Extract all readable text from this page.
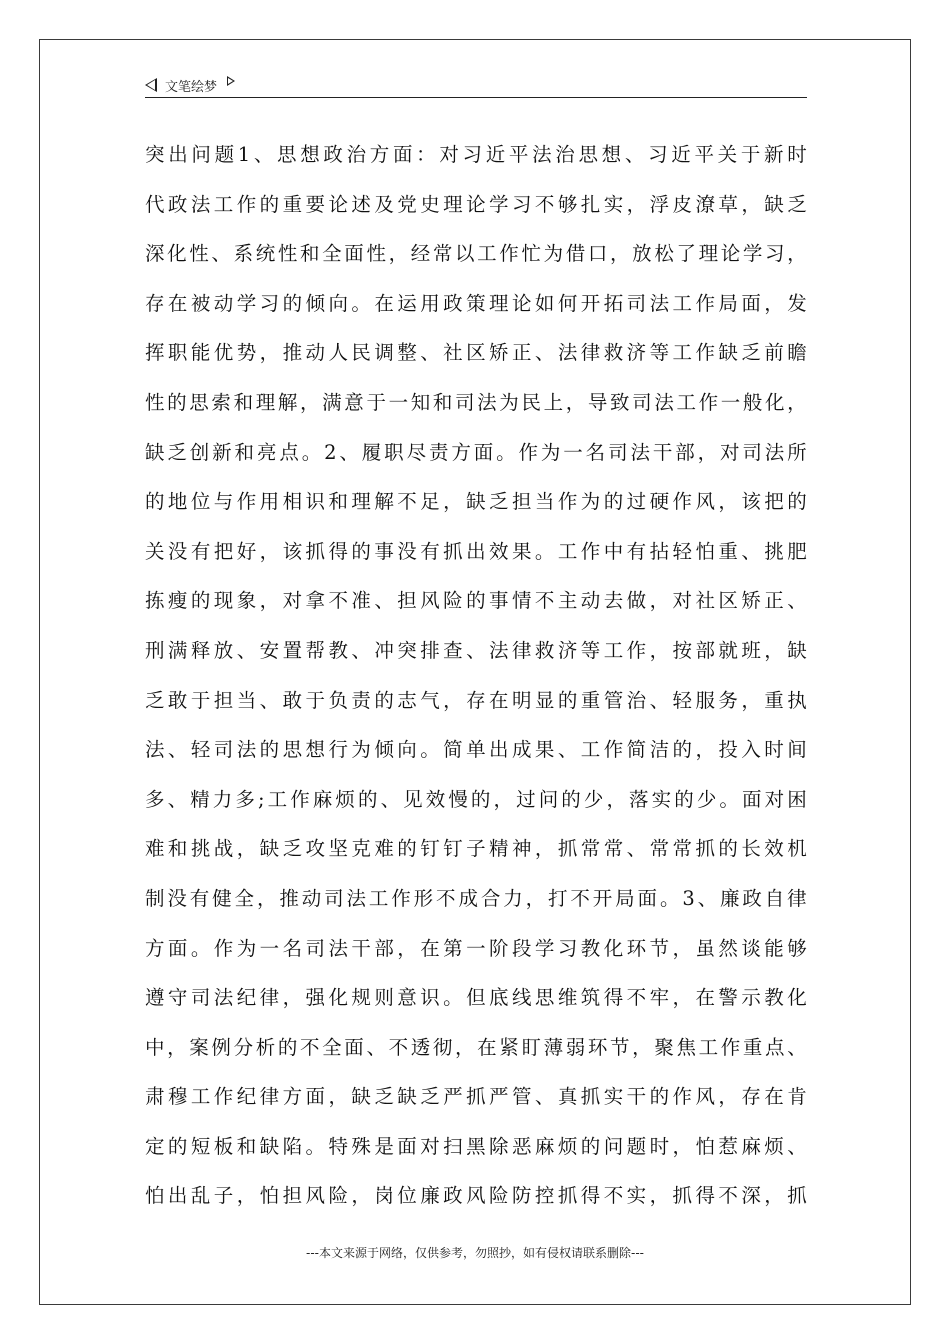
文笔绘梦
突出问题1、思想政治方面：对习近平法治思想、习近平关于新时
代政法工作的重要论述及党史理论学习不够扎实，浮皮潦草，缺乏
深化性、系统性和全面性，经常以工作忙为借口，放松了理论学习，
存在被动学习的倾向。在运用政策理论如何开拓司法工作局面，发
挥职能优势，推动人民调整、社区矫正、法律救济等工作缺乏前瞻
性的思索和理解，满意于一知和司法为民上，导致司法工作一般化，
缺乏创新和亮点。2、履职尽责方面。作为一名司法干部，对司法所
的地位与作用相识和理解不足，缺乏担当作为的过硬作风，该把的
关没有把好，该抓得的事没有抓出效果。工作中有拈轻怕重、挑肥
拣瘦的现象，对拿不准、担风险的事情不主动去做，对社区矫正、
刑满释放、安置帮教、冲突排查、法律救济等工作，按部就班，缺
乏敢于担当、敢于负责的志气，存在明显的重管治、轻服务，重执
法、轻司法的思想行为倾向。简单出成果、工作简洁的，投入时间
多、精力多;工作麻烦的、见效慢的，过问的少，落实的少。面对困
难和挑战，缺乏攻坚克难的钉钉子精神，抓常常、常常抓的长效机
制没有健全，推动司法工作形不成合力，打不开局面。3、廉政自律
方面。作为一名司法干部，在第一阶段学习教化环节，虽然谈能够
遵守司法纪律，强化规则意识。但底线思维筑得不牢，在警示教化
中，案例分析的不全面、不透彻，在紧盯薄弱环节，聚焦工作重点、
肃穆工作纪律方面，缺乏缺乏严抓严管、真抓实干的作风，存在肯
定的短板和缺陷。特殊是面对扫黑除恶麻烦的问题时，怕惹麻烦、
怕出乱子，怕担风险，岗位廉政风险防控抓得不实，抓得不深，抓
---本文来源于网络，仅供参考，勿照抄，如有侵权请联系删除---
